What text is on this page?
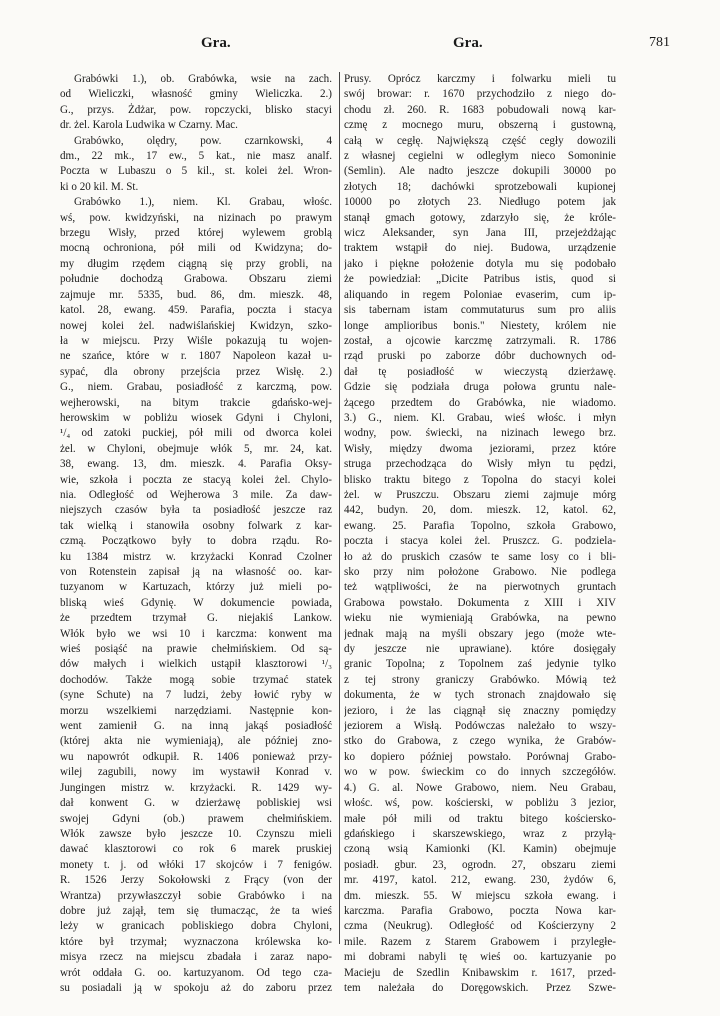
Gra.	Gra.	781
Grabówki 1.), ob. Grabówka, wsie na zach.
od Wieliczki, własność gminy Wieliczka. 2.)
G., przys. Żdżar, pow. ropczycki, blisko stacyi
dr. żel. Karola Ludwika w Czarny. Mac.
Grabówko, olędry, pow. czarnkowski, 4
dm., 22 mk., 17 ew., 5 kat., nie masz analf.
Poczta w Lubaszu o 5 kil., st. kolei żel. Wron-
ki o 20 kil. M. St.
Grabówko 1.), niem. Kl. Grabau, włośc.
wś, pow. kwidzyński, na nizinach po prawym
brzegu Wisły, przed której wylewem groblą
mocną ochroniona, pół mili od Kwidzyna; do-
my długim rzędem ciągną się przy grobli, na
południe dochodzą Grabowa. Obszaru ziemi
zajmuje mr. 5335, bud. 86, dm. mieszk. 48,
katol. 28, ewang. 459. Parafia, poczta i stacya
nowej kolei żel. nadwiślańskiej Kwidzyn, szko-
ła w miejscu. Przy Wiśle pokazują tu wojen-
ne szańce, które w r. 1807 Napoleon kazał u-
sypać, dla obrony przejścia przez Wisłę. 2.)
G., niem. Grabau, posiadłość z karczmą, pow.
wejherowski, na bitym trakcie gdańsko-wej-
herowskim w pobliżu wiosek Gdyni i Chyloni,
¹/₄ od zatoki puckiej, pół mili od dworca kolei
żel. w Chyloni, obejmuje włók 5, mr. 24, kat.
38, ewang. 13, dm. mieszk. 4. Parafia Oksy-
wie, szkoła i poczta ze stacyą kolei żel. Chylo-
nia. Odległość od Wejherowa 3 mile. Za daw-
niejszych czasów była ta posiadłość jeszcze raz
tak wielką i stanowiła osobny folwark z kar-
czmą. Początkowo były to dobra rządu. Ro-
ku 1384 mistrz w. krzyżacki Konrad Czolner
von Rotenstein zapisał ją na własność oo. kar-
tuzyanom w Kartuzach, którzy już mieli po-
bliską wieś Gdynię. W dokumencie powiada,
że przedtem trzymał G. niejakiś Lankow.
Włók było we wsi 10 i karczma: konwent ma
wieś posiąść na prawie chełmińskiem. Od są-
dów małych i wielkich ustąpił klasztorowi ¹/₃
dochodów. Także mogą sobie trzymać statek
(syne Schute) na 7 ludzi, żeby łowić ryby w
morzu wszelkiemi narzędziami. Następnie kon-
went zamienił G. na inną jakąś posiadłość
(której akta nie wymieniają), ale później zno-
wu napowrót odkupił. R. 1406 ponieważ przy-
wilej zagubili, nowy im wystawił Konrad v.
Jungingen mistrz w. krzyżacki. R. 1429 wy-
dał konwent G. w dzierżawę pobliskiej wsi
swojej Gdyni (ob.) prawem chełmińskiem.
Włók zawsze było jeszcze 10. Czynszu mieli
dawać klasztorowi co rok 6 marek pruskiej
monety t. j. od włóki 17 skojców i 7 fenigów.
R. 1526 Jerzy Sokołowski z Frący (von der
Wrantza) przywłaszczył sobie Grabówko i na
dobre już zajął, tem się tłumacząc, że ta wieś
leży w granicach pobliskiego dobra Chyloni,
które był trzymał; wyznaczona królewska ko-
misya rzecz na miejscu zbadała i zaraz napo-
wrót oddała G. oo. kartuzyanom. Od tego cza-
su posiadali ją w spokoju aż do zaboru przez
Prusy. Oprócz karczmy i folwarku mieli tu
swój browar: r. 1670 przychodziło z niego do-
chodu zł. 260. R. 1683 pobudowali nową kar-
czmę z mocnego muru, obszerną i gustowną,
całą w cegłę. Największą część cegły dowozili
z własnej cegielni w odległym nieco Somoninie
(Semlin). Ale nadto jeszcze dokupili 30000 po
złotych 18; dachówki sprotzebowali kupionej
10000 po złotych 23. Niedługo potem jak
stanął gmach gotowy, zdarzyło się, że króle-
wicz Aleksander, syn Jana III, przejeżdżając
traktem wstąpił do niej. Budowa, urządzenie
jako i piękne położenie dotyla mu się podobało
że powiedział: „Dicite Patribus istis, quod si
aliquando in regem Poloniae evaserim, cum ip-
sis tabernam istam commutaturus sum pro aliis
longe amplioribus bonis." Niestety, królem nie
został, a ojcowie karczmę zatrzymali. R. 1786
rząd pruski po zaborze dóbr duchownych od-
dał tę posiadłość w wieczystą dzierżawę.
Gdzie się podziała druga połowa gruntu nale-
żącego przedtem do Grabówka, nie wiadomo.
3.) G., niem. Kl. Grabau, wieś włośc. i młyn
wodny, pow. świecki, na nizinach lewego brz.
Wisły, między dwoma jeziorami, przez które
struga przechodząca do Wisły młyn tu pędzi,
blisko traktu bitego z Topolna do stacyi kolei
żel. w Pruszczu. Obszaru ziemi zajmuje mórg
442, budyn. 20, dom. mieszk. 12, katol. 62,
ewang. 25. Parafia Topolno, szkoła Grabowo,
poczta i stacya kolei żel. Pruszcz. G. podziela-
ło aż do pruskich czasów te same losy co i bli-
sko przy nim położone Grabowo. Nie podlega
też wątpliwości, że na pierwotnych gruntach
Grabowa powstało. Dokumenta z XIII i XIV
wieku nie wymieniają Grabówka, na pewno
jednak mają na myśli obszary jego (może wte-
dy jeszcze nie uprawiane). które dosięgały
granic Topolna; z Topolnem zaś jedynie tylko
z tej strony graniczy Grabówko. Mówią też
dokumenta, że w tych stronach znajdowało się
jezioro, i że las ciągnął się znaczny pomiędzy
jeziorem a Wisłą. Podówczas należało to wszy-
stko do Grabowa, z czego wynika, że Grabów-
ko dopiero później powstało. Porównaj Grabo-
wo w pow. świeckim co do innych szczegółów.
4.) G. al. Nowe Grabowo, niem. Neu Grabau,
włośc. wś, pow. kościerski, w pobliżu 3 jezior,
małe pół mili od traktu bitego kościersko-
gdańskiego i skarszewskiego, wraz z przyłą-
czoną wsią Kamionki (Kl. Kamin) obejmuje
posiadł. gbur. 23, ogrodn. 27, obszaru ziemi
mr. 4197, katol. 212, ewang. 230, żydów 6,
dm. mieszk. 55. W miejscu szkoła ewang. i
karczma. Parafia Grabowo, poczta Nowa kar-
czma (Neukrug). Odległość od Kościerzyny 2
mile. Razem z Starem Grabowem i przyległe-
mi dobrami nabyli tę wieś oo. kartuzyanie po
Macieju de Szedlin Knibawskim r. 1617, przed-
tem należała do Doręgowskich. Przez Szwe-
